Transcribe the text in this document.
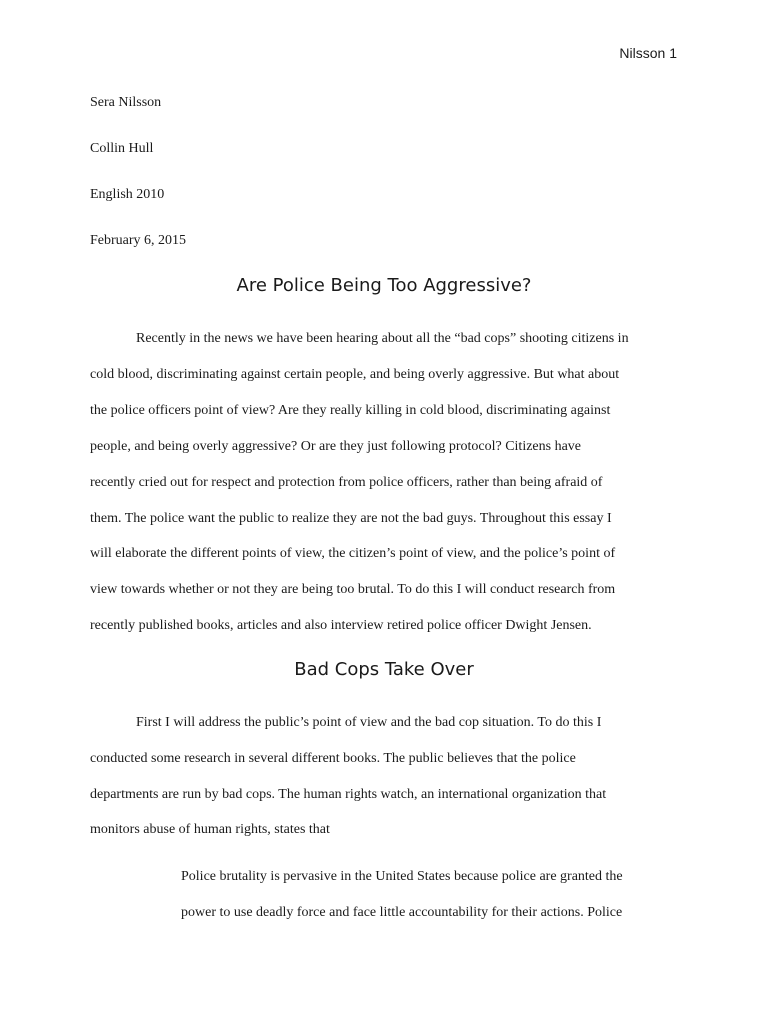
Nilsson 1
Sera Nilsson
Collin Hull
English 2010
February 6, 2015
Are Police Being Too Aggressive?
Recently in the news we have been hearing about all the “bad cops” shooting citizens in
cold blood, discriminating against certain people, and being overly aggressive. But what about
the police officers point of view? Are they really killing in cold blood, discriminating against
people, and being overly aggressive? Or are they just following protocol? Citizens have
recently cried out for respect and protection from police officers, rather than being afraid of
them. The police want the public to realize they are not the bad guys. Throughout this essay I
will elaborate the different points of view, the citizen’s point of view, and the police’s point of
view towards whether or not they are being too brutal. To do this I will conduct research from
recently published books, articles and also interview retired police officer Dwight Jensen.
Bad Cops Take Over
First I will address the public’s point of view and the bad cop situation. To do this I
conducted some research in several different books. The public believes that the police
departments are run by bad cops. The human rights watch, an international organization that
monitors abuse of human rights, states that
Police brutality is pervasive in the United States because police are granted the
power to use deadly force and face little accountability for their actions. Police
